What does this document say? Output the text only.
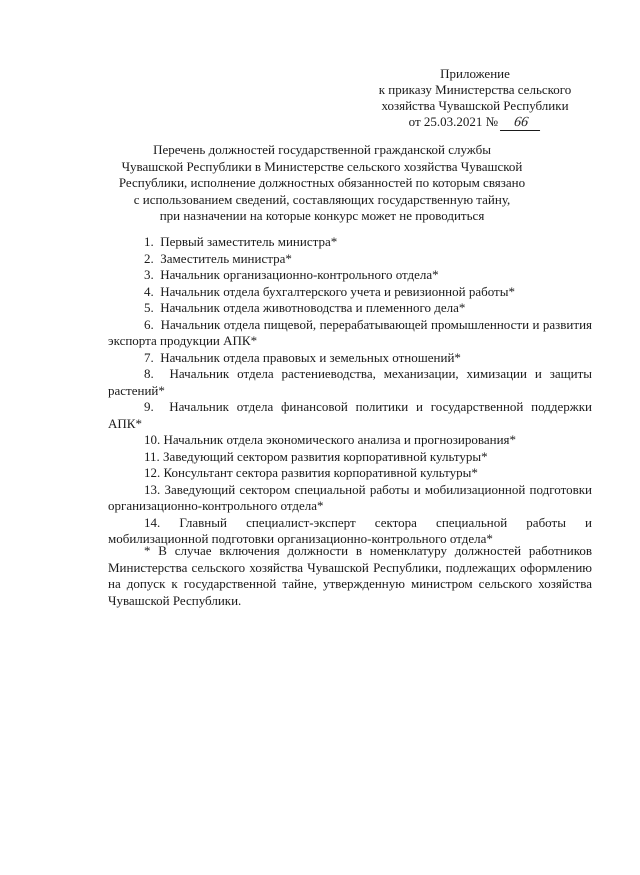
Приложение
к приказу Министерства сельского
хозяйства Чувашской Республики
от 25.03.2021 № 66
Перечень должностей государственной гражданской службы
Чувашской Республики в Министерстве сельского хозяйства Чувашской
Республики, исполнение должностных обязанностей по которым связано
с использованием сведений, составляющих государственную тайну,
при назначении на которые конкурс может не проводиться
1. Первый заместитель министра*
2. Заместитель министра*
3. Начальник организационно-контрольного отдела*
4. Начальник отдела бухгалтерского учета и ревизионной работы*
5. Начальник отдела животноводства и племенного дела*
6. Начальник отдела пищевой, перерабатывающей промышленности и развития экспорта продукции АПК*
7. Начальник отдела правовых и земельных отношений*
8. Начальник отдела растениеводства, механизации, химизации и защиты растений*
9. Начальник отдела финансовой политики и государственной поддержки АПК*
10. Начальник отдела экономического анализа и прогнозирования*
11. Заведующий сектором развития корпоративной культуры*
12. Консультант сектора развития корпоративной культуры*
13. Заведующий сектором специальной работы и мобилизационной подготовки организационно-контрольного отдела*
14. Главный специалист-эксперт сектора специальной работы и мобилизационной подготовки организационно-контрольного отдела*
* В случае включения должности в номенклатуру должностей работников Министерства сельского хозяйства Чувашской Республики, подлежащих оформлению на допуск к государственной тайне, утвержденную министром сельского хозяйства Чувашской Республики.
